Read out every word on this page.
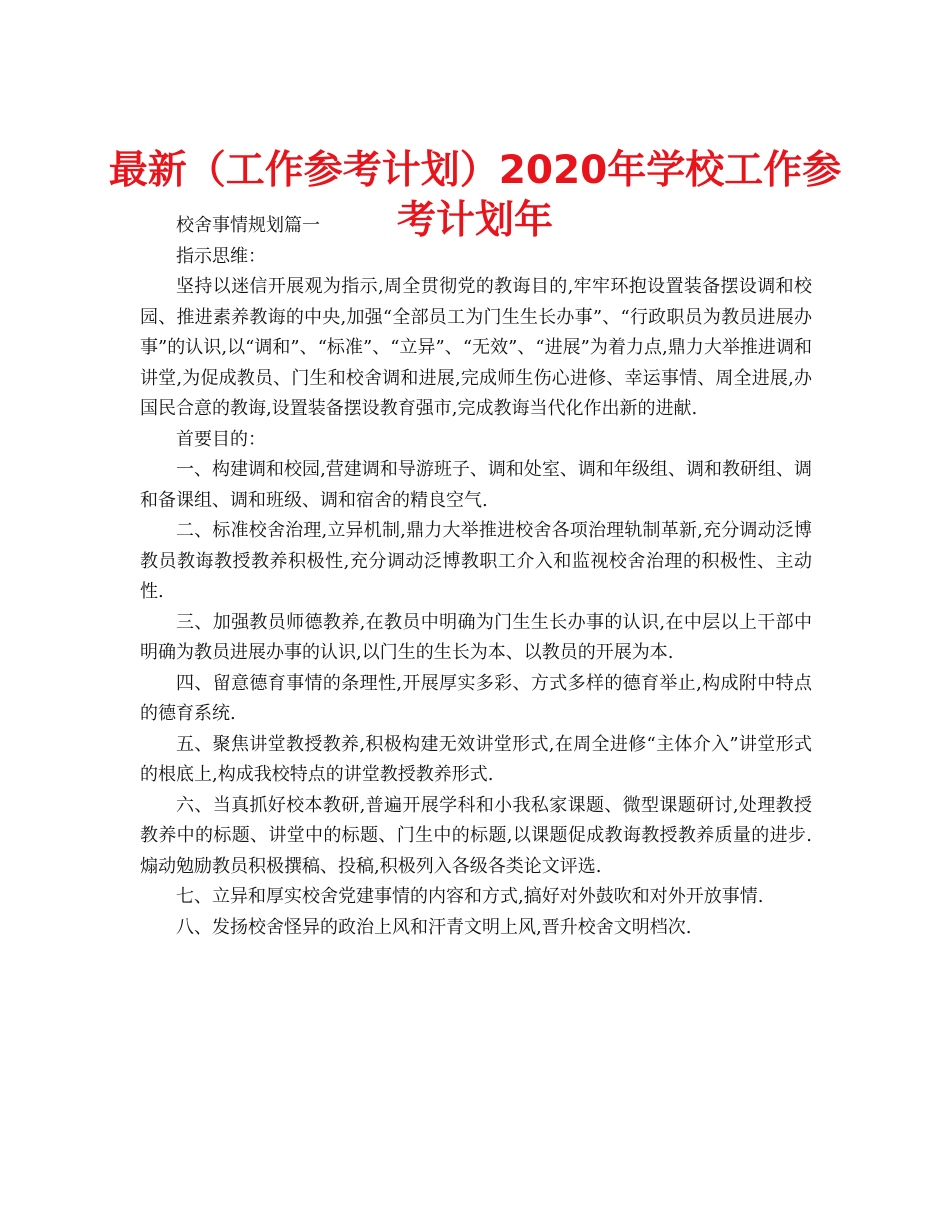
最新（工作参考计划）2020年学校工作参考计划年

校舍事情规划篇一

指示思维：

坚持以迷信开展观为指示,周全贯彻党的教诲目的,牢牢环抱设置装备摆设调和校园、推进素养教诲的中央,加强“全部员工为门生生长办事”、“行政职员为教员进展办事”的认识,以“调和”、“标准”、“立异”、“无效”、“进展”为着力点,鼎力大举推进调和讲堂,为促成教员、门生和校舍调和进展,完成师生伤心进修、幸运事情、周全进展,办国民合意的教诲,设置装备摆设教育强市,完成教诲当代化作出新的进献.

首要目的：

一、构建调和校园,营建调和导游班子、调和处室、调和年级组、调和教研组、调和备课组、调和班级、调和宿舍的精良空气.

二、标准校舍治理,立异机制,鼎力大举推进校舍各项治理轨制革新,充分调动泛博教员教诲教授教养积极性,充分调动泛博教职工介入和监视校舍治理的积极性、主动性.

三、加强教员师德教养,在教员中明确为门生生长办事的认识,在中层以上干部中明确为教员进展办事的认识,以门生的生长为本、以教员的开展为本.

四、留意德育事情的条理性,开展厚实多彩、方式多样的德育举止,构成附中特点的德育系统.

五、聚焦讲堂教授教养,积极构建无效讲堂形式,在周全进修“主体介入”讲堂形式的根底上,构成我校特点的讲堂教授教养形式.

六、当真抓好校本教研,普遍开展学科和小我私家课题、微型课题研讨,处理教授教养中的标题、讲堂中的标题、门生中的标题,以课题促成教诲教授教养质量的进步.煽动勉励教员积极撰稿、投稿,积极列入各级各类论文评选.

七、立异和厚实校舍党建事情的内容和方式,搞好对外鼓吹和对外开放事情.

八、发扬校舍怪异的政治上风和汗青文明上风,晋升校舍文明档次.
